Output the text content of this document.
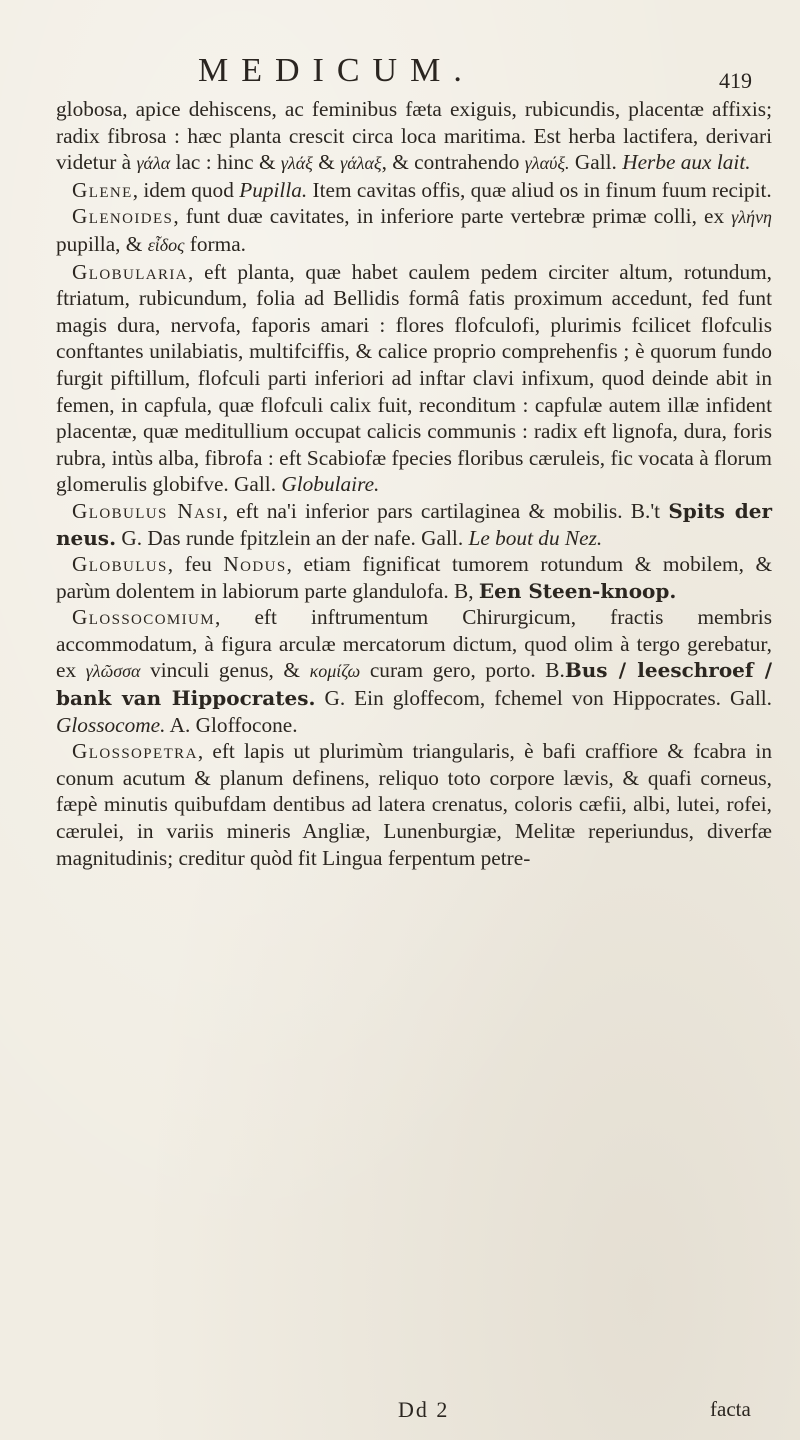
MEDICUM.	419

globosa, apice dehiscens, ac feminibus fæta exiguis, rubicundis, placentæ affixis; radix fibrosa : hæc planta crescit circa loca maritima. Est herba lactifera, derivari videtur à γάλα lac : hinc & γλάξ & γάλαξ, & contrahendo γλαύξ. Gall. Herbe aux lait.

Glene, idem quod Pupilla. Item cavitas offis, quæ aliud os in finum fuum recipit.

Glenoides, funt duæ cavitates, in inferiore parte vertebræ primæ colli, ex γλήνη pupilla, & εἶδος forma.

Globularia, eft planta, quæ habet caulem pedem circiter altum, rotundum, ftriatum, rubicundum, folia ad Bellidis formâ fatis proximum accedunt, fed funt magis dura, nervofa, faporis amari : flores flofculofi, plurimis fcilicet flofculis conftantes unilabiatis, multifciffis, & calice proprio comprehenfis ; è quorum fundo furgit piftillum, flofculi parti inferiori ad inftar clavi infixum, quod deinde abit in femen, in capfula, quæ flofculi calix fuit, reconditum : capfulæ autem illæ infident placentæ, quæ meditullium occupat calicis communis : radix eft lignofa, dura, foris rubra, intùs alba, fibrofa : eft Scabiofæ fpecies floribus cæruleis, fic vocata à florum glomerulis globifve. Gall. Globulaire.

Globulus Nasi, eft na'i inferior pars cartilaginea & mobilis. B.'t Spits der neus. G. Das runde fpitzlein an der nafe. Gall. Le bout du Nez.

Globulus, feu Nodus, etiam fignificat tumorem rotundum & mobilem, & parùm dolentem in labiorum parte glandulofa. B, Een Steen-knoop.

Glossocomium, eft inftrumentum Chirurgicum, fractis membris accommodatum, à figura arculæ mercatorum dictum, quod olim à tergo gerebatur, ex γλῶσσα vinculi genus, & κομίζω curam gero, porto. B.Bus / leeschroef / bank van Hippocrates. G. Ein gloffecom, fchemel von Hippocrates. Gall. Glossocome. A. Gloffocone.

Glossopetra, eft lapis ut plurimùm triangularis, è bafi craffiore & fcabra in conum acutum & planum definens, reliquo toto corpore lævis, & quafi corneus, fæpè minutis quibufdam dentibus ad latera crenatus, coloris cæfii, albi, lutei, rofei, cærulei, in variis mineris Angliæ, Lunenburgiæ, Melitæ reperiundus, diverfæ magnitudinis; creditur quòd fit Lingua ferpentum petre-

Dd 2	facta
